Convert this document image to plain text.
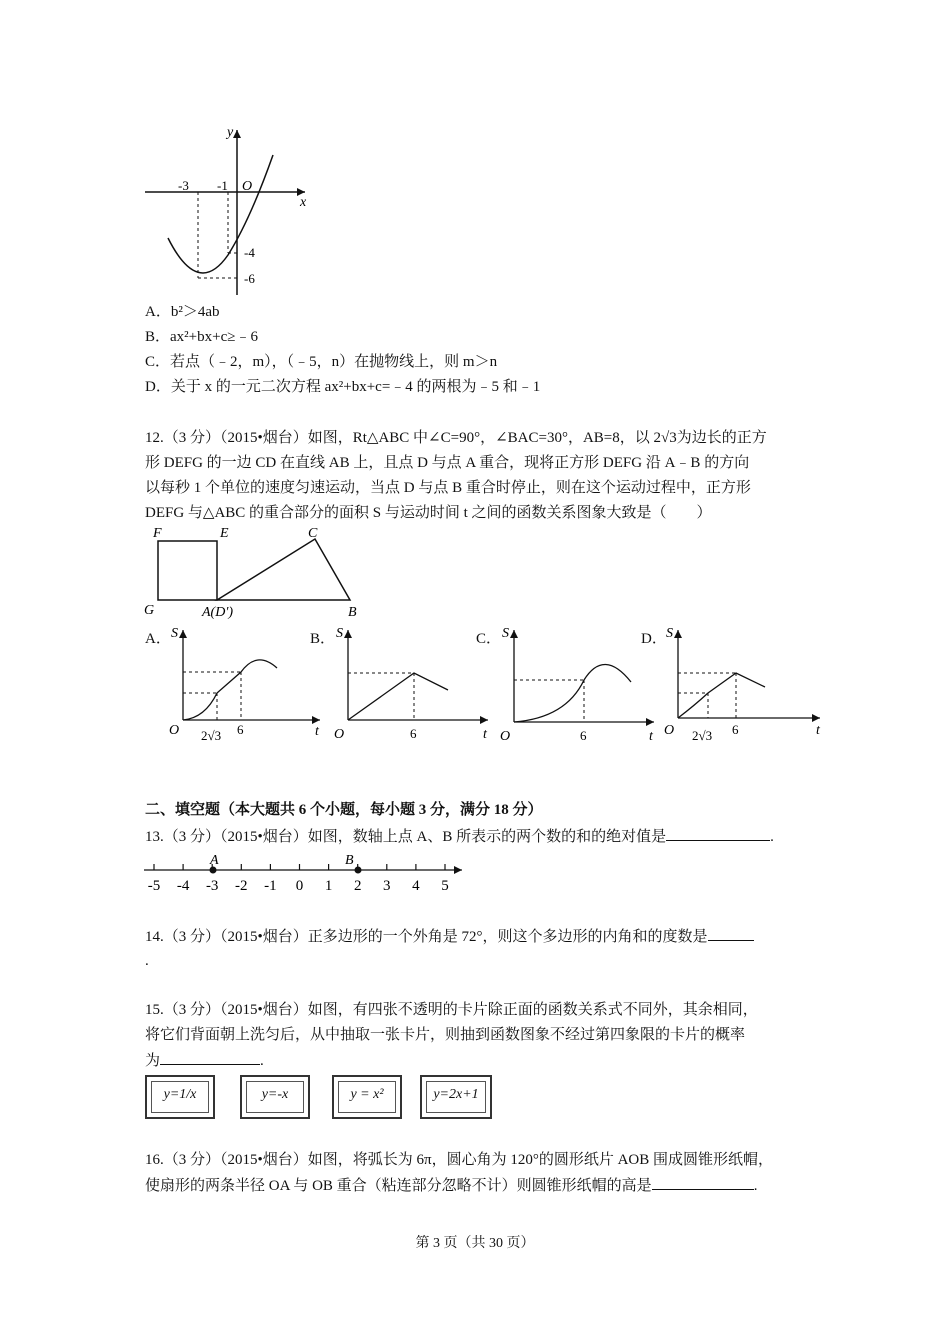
x
y
-3 -1 O
-4
-6
A．b²＞4ab
B．ax²+bx+c≥﹣6
C．若点（﹣2，m），（﹣5，n）在抛物线上，则 m＞n
D．关于 x 的一元二次方程 ax²+bx+c=﹣4 的两根为﹣5 和﹣1
12.（3 分）（2015•烟台）如图，Rt△ABC 中∠C=90°，∠BAC=30°，AB=8，以 2√3为边长的正方
形 DEFG 的一边 CD 在直线 AB 上，且点 D 与点 A 重合，现将正方形 DEFG 沿 A﹣B 的方向
以每秒 1 个单位的速度匀速运动，当点 D 与点 B 重合时停止，则在这个运动过程中，正方形
DEFG 与△ABC 的重合部分的面积 S 与运动时间 t 之间的函数关系图象大致是（　　）
F	E	C
G	A(D′)	B
A． S
t
O 2√3 6
B． S
t
O	6
C． S
t
O	6
D． S
t
O 2√3 6
二、填空题（本大题共 6 个小题，每小题 3 分，满分 18 分）
13.（3 分）（2015•烟台）如图，数轴上点 A、B 所表示的两个数的和的绝对值是	.
-5 -4 -3 -2 -1 0 1 2 3 4 5
A	B
14.（3 分）（2015•烟台）正多边形的一个外角是 72°，则这个多边形的内角和的度数是
.
15.（3 分）（2015•烟台）如图，有四张不透明的卡片除正面的函数关系式不同外，其余相同，
将它们背面朝上洗匀后，从中抽取一张卡片，则抽到函数图象不经过第四象限的卡片的概率
为	.
y=1/x	y=-x	y = x²	y=2x+1
16.（3 分）（2015•烟台）如图，将弧长为 6π，圆心角为 120°的圆形纸片 AOB 围成圆锥形纸帽，
使扇形的两条半径 OA 与 OB 重合（粘连部分忽略不计）则圆锥形纸帽的高是	.
第 3 页（共 30 页）
